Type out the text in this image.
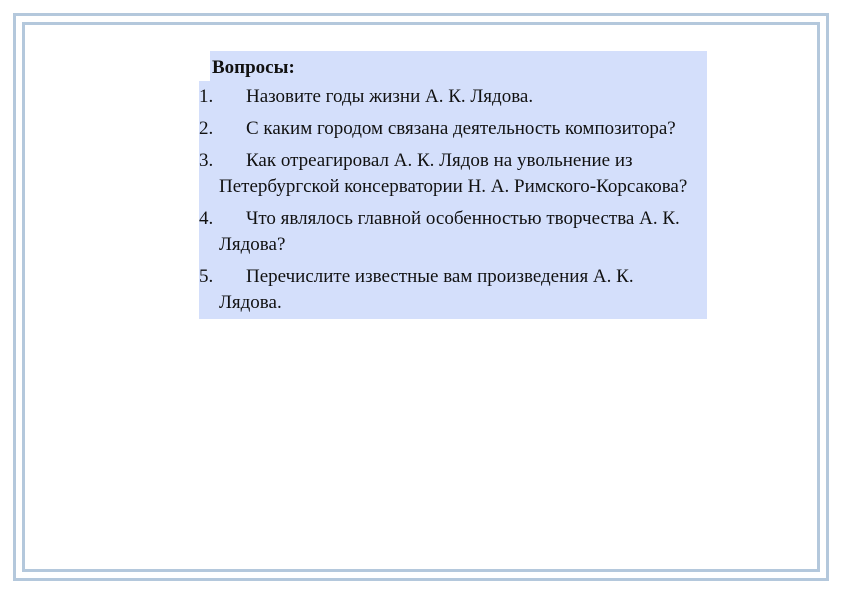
Вопросы:
1.	Назовите годы жизни А. К. Лядова.
2.	С каким городом связана деятельность композитора?
3.	Как отреагировал А. К. Лядов на увольнение из Петербургской консерватории Н. А. Римского-Корсакова?
4.	Что являлось главной особенностью творчества А. К. Лядова?
5.	Перечислите известные вам произведения А. К. Лядова.
